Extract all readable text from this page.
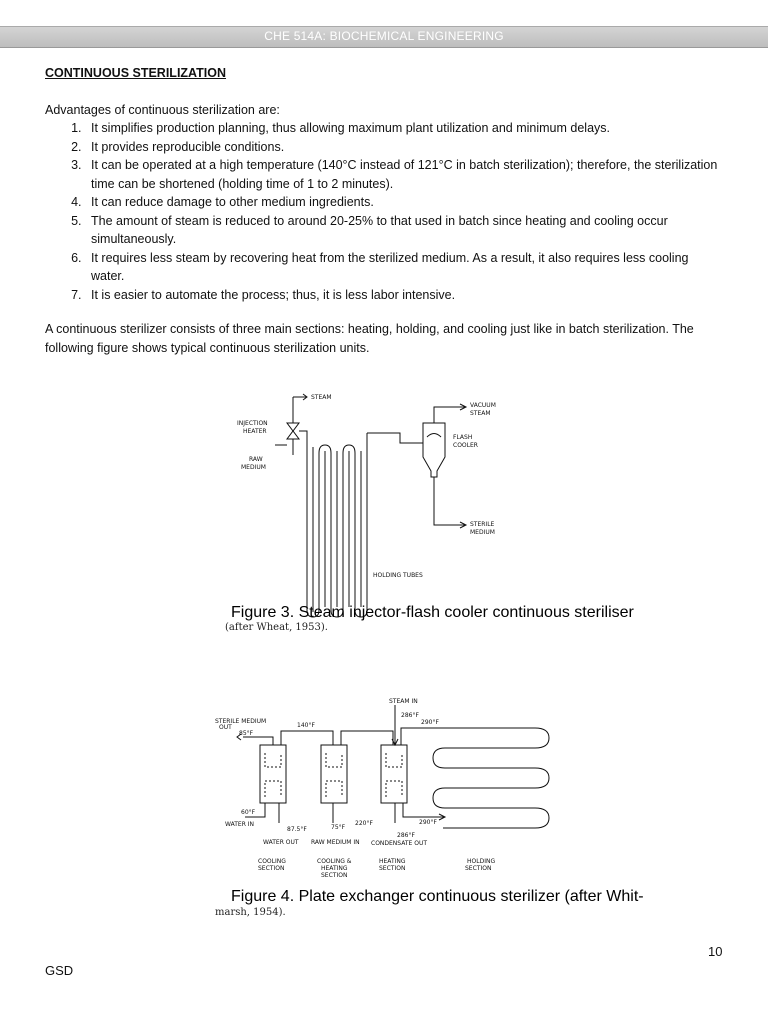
CHE 514A: BIOCHEMICAL ENGINEERING
CONTINUOUS STERILIZATION

Advantages of continuous sterilization are:

1. It simplifies production planning, thus allowing maximum plant utilization and minimum delays.
2. It provides reproducible conditions.
3. It can be operated at a high temperature (140°C instead of 121°C in batch sterilization); therefore, the sterilization time can be shortened (holding time of 1 to 2 minutes).
4. It can reduce damage to other medium ingredients.
5. The amount of steam is reduced to around 20-25% to that used in batch since heating and cooling occur simultaneously.
6. It requires less steam by recovering heat from the sterilized medium. As a result, it also requires less cooling water.
7. It is easier to automate the process; thus, it is less labor intensive.

A continuous sterilizer consists of three main sections: heating, holding, and cooling just like in batch sterilization. The following figure shows typical continuous sterilization units.

STEAM
INJECTION
HEATER
RAW
MEDIUM
VACUUM
STEAM
FLASH
COOLER
STERILE
MEDIUM
HOLDING TUBES
Figure 3. Steam injector-flash cooler continuous steriliser
(after Wheat, 1953).
STEAM IN
286°F
290°F
STERILE MEDIUM
OUT
85°F
140°F
60°F
WATER IN
87.5°F	75°F
220°F
286°F
290°F
WATER OUT RAW MEDIUM IN CONDENSATE OUT
COOLING
SECTION
COOLING &
HEATING
SECTION
HEATING
SECTION
HOLDING
SECTION
Figure 4. Plate exchanger continuous sterilizer (after Whit-
marsh, 1954).
10
GSD
